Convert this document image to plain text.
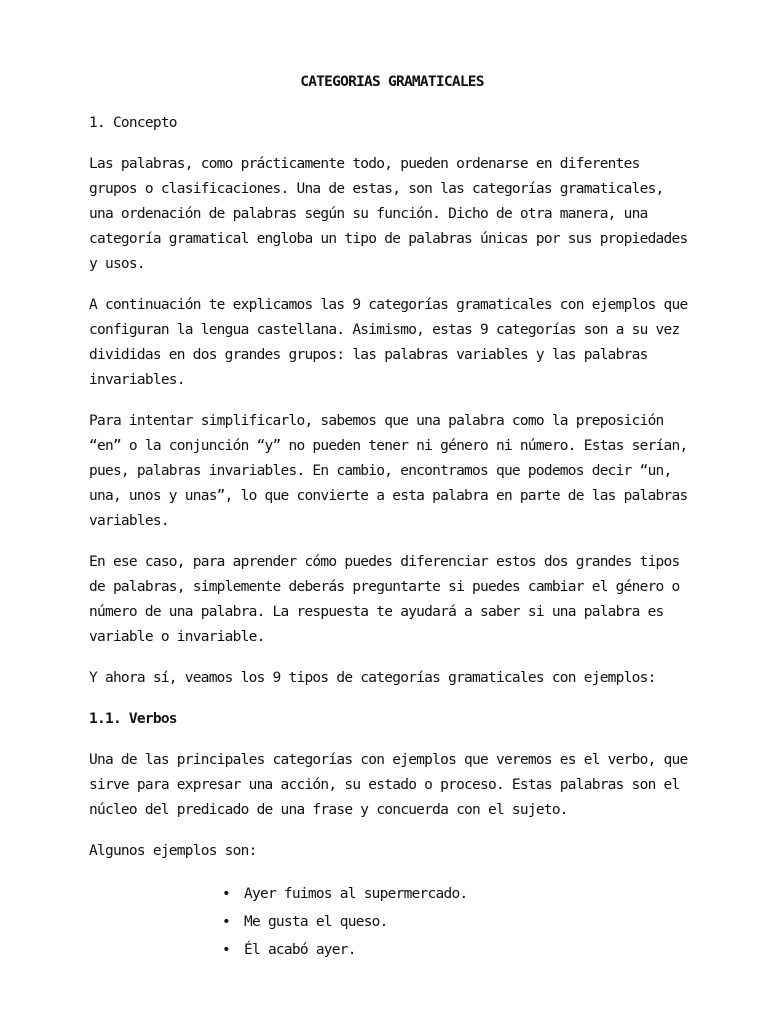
CATEGORIAS GRAMATICALES

1. Concepto

Las palabras, como prácticamente todo, pueden ordenarse en diferentes grupos o clasificaciones. Una de estas, son las categorías gramaticales, una ordenación de palabras según su función. Dicho de otra manera, una categoría gramatical engloba un tipo de palabras únicas por sus propiedades y usos.

A continuación te explicamos las 9 categorías gramaticales con ejemplos que configuran la lengua castellana. Asimismo, estas 9 categorías son a su vez divididas en dos grandes grupos: las palabras variables y las palabras invariables.

Para intentar simplificarlo, sabemos que una palabra como la preposición “en” o la conjunción “y” no pueden tener ni género ni número. Estas serían, pues, palabras invariables. En cambio, encontramos que podemos decir “un, una, unos y unas”, lo que convierte a esta palabra en parte de las palabras variables.

En ese caso, para aprender cómo puedes diferenciar estos dos grandes tipos de palabras, simplemente deberás preguntarte si puedes cambiar el género o número de una palabra. La respuesta te ayudará a saber si una palabra es variable o invariable.

Y ahora sí, veamos los 9 tipos de categorías gramaticales con ejemplos:

1.1. Verbos

Una de las principales categorías con ejemplos que veremos es el verbo, que sirve para expresar una acción, su estado o proceso. Estas palabras son el núcleo del predicado de una frase y concuerda con el sujeto.

Algunos ejemplos son:

• Ayer fuimos al supermercado.
• Me gusta el queso.
• Él acabó ayer.
